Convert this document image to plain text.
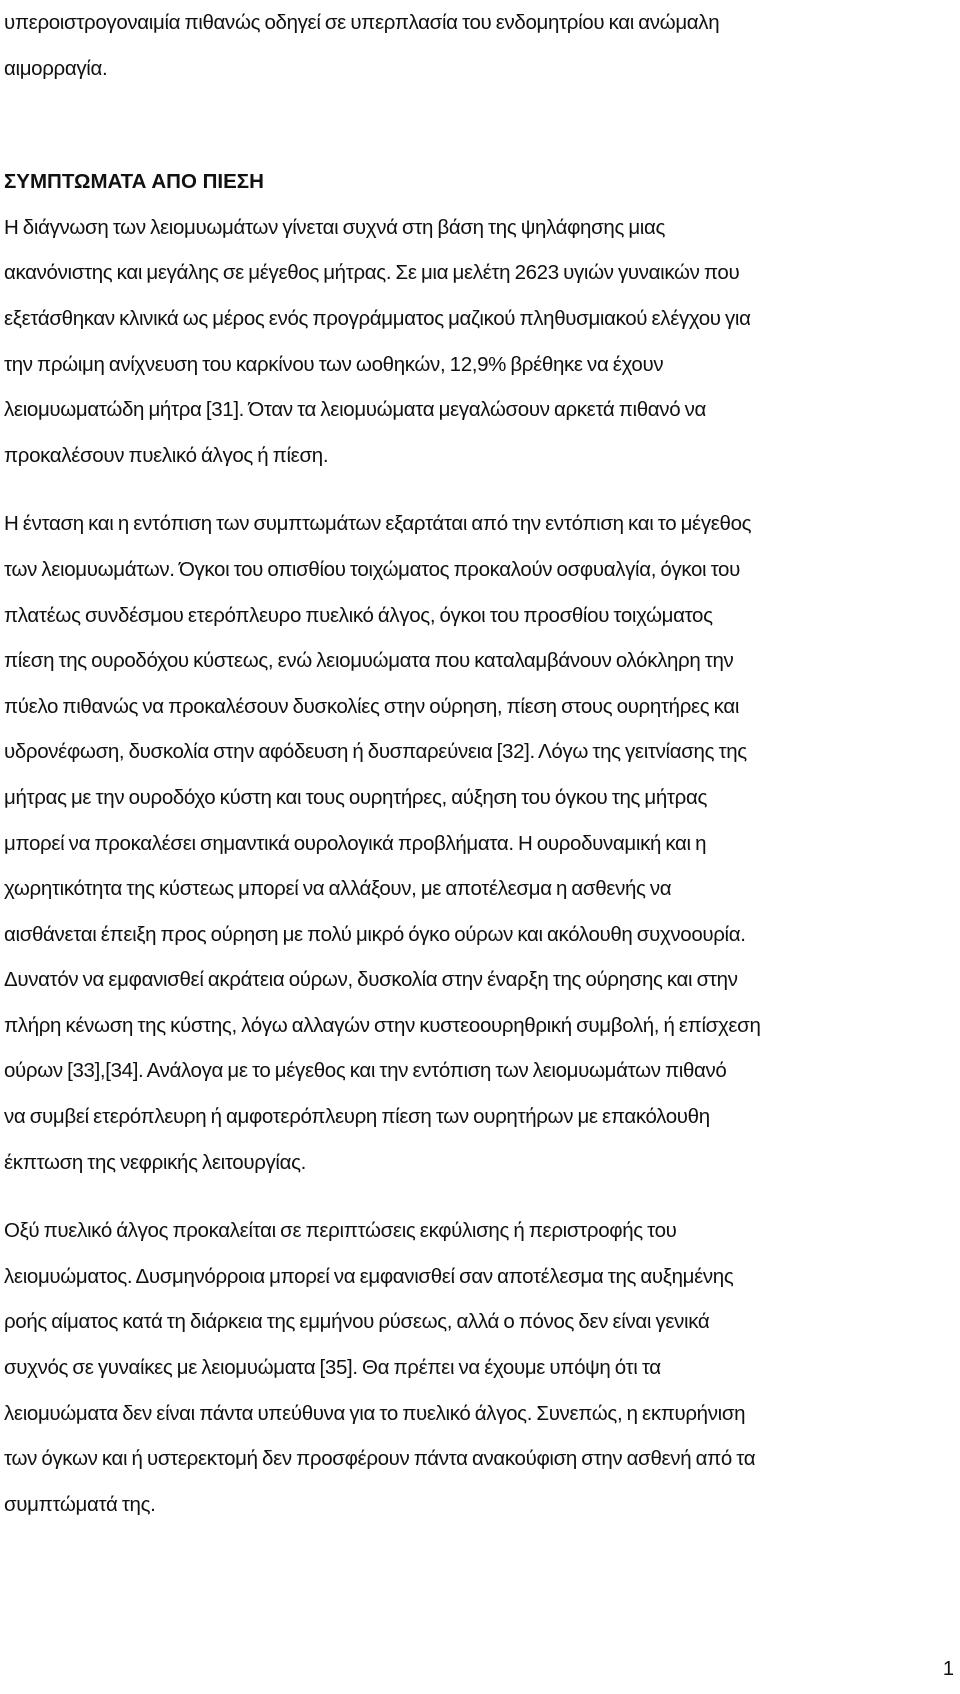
υπεροιστρογοναιμία πιθανώς οδηγεί σε υπερπλασία του ενδομητρίου και ανώμαλη
αιμορραγία.
ΣΥΜΠΤΩΜΑΤΑ ΑΠΟ ΠΙΕΣΗ
Η διάγνωση των λειομυωμάτων γίνεται συχνά στη βάση της ψηλάφησης μιας
ακανόνιστης και μεγάλης σε μέγεθος μήτρας. Σε μια μελέτη 2623 υγιών γυναικών που
εξετάσθηκαν κλινικά ως μέρος ενός προγράμματος μαζικού πληθυσμιακού ελέγχου για
την πρώιμη ανίχνευση του καρκίνου των ωοθηκών, 12,9% βρέθηκε να έχουν
λειομυωματώδη μήτρα [31]. Όταν τα λειομυώματα μεγαλώσουν αρκετά πιθανό να
προκαλέσουν πυελικό άλγος ή πίεση.
Η ένταση και η εντόπιση των συμπτωμάτων εξαρτάται από την εντόπιση και το μέγεθος
των λειομυωμάτων. Όγκοι του οπισθίου τοιχώματος προκαλούν οσφυαλγία, όγκοι του
πλατέως συνδέσμου ετερόπλευρο πυελικό άλγος, όγκοι του προσθίου τοιχώματος
πίεση της ουροδόχου κύστεως, ενώ λειομυώματα που καταλαμβάνουν ολόκληρη την
πύελο πιθανώς να προκαλέσουν δυσκολίες στην ούρηση, πίεση στους ουρητήρες και
υδρονέφωση, δυσκολία στην αφόδευση ή δυσπαρεύνεια [32]. Λόγω της γειτνίασης της
μήτρας με την ουροδόχο κύστη και τους ουρητήρες, αύξηση του όγκου της μήτρας
μπορεί να προκαλέσει σημαντικά ουρολογικά προβλήματα. Η ουροδυναμική και η
χωρητικότητα της κύστεως μπορεί να αλλάξουν, με αποτέλεσμα η ασθενής να
αισθάνεται έπειξη προς ούρηση με πολύ μικρό όγκο ούρων και ακόλουθη συχνοουρία.
Δυνατόν να εμφανισθεί ακράτεια ούρων, δυσκολία στην έναρξη της ούρησης και στην
πλήρη κένωση της κύστης, λόγω αλλαγών στην κυστεοουρηθρική συμβολή, ή επίσχεση
ούρων [33],[34]. Ανάλογα με το μέγεθος και την εντόπιση των λειομυωμάτων πιθανό
να συμβεί ετερόπλευρη ή αμφοτερόπλευρη πίεση των ουρητήρων με επακόλουθη
έκπτωση της νεφρικής λειτουργίας.
Οξύ πυελικό άλγος προκαλείται σε περιπτώσεις εκφύλισης ή περιστροφής του
λειομυώματος. Δυσμηνόρροια μπορεί να εμφανισθεί σαν αποτέλεσμα της αυξημένης
ροής αίματος κατά τη διάρκεια της εμμήνου ρύσεως, αλλά ο πόνος δεν είναι γενικά
συχνός σε γυναίκες με λειομυώματα [35]. Θα πρέπει να έχουμε υπόψη ότι τα
λειομυώματα δεν είναι πάντα υπεύθυνα για το πυελικό άλγος. Συνεπώς, η εκπυρήνιση
των όγκων και ή υστερεκτομή δεν προσφέρουν πάντα ανακούφιση στην ασθενή από τα
συμπτώματά της.
1
